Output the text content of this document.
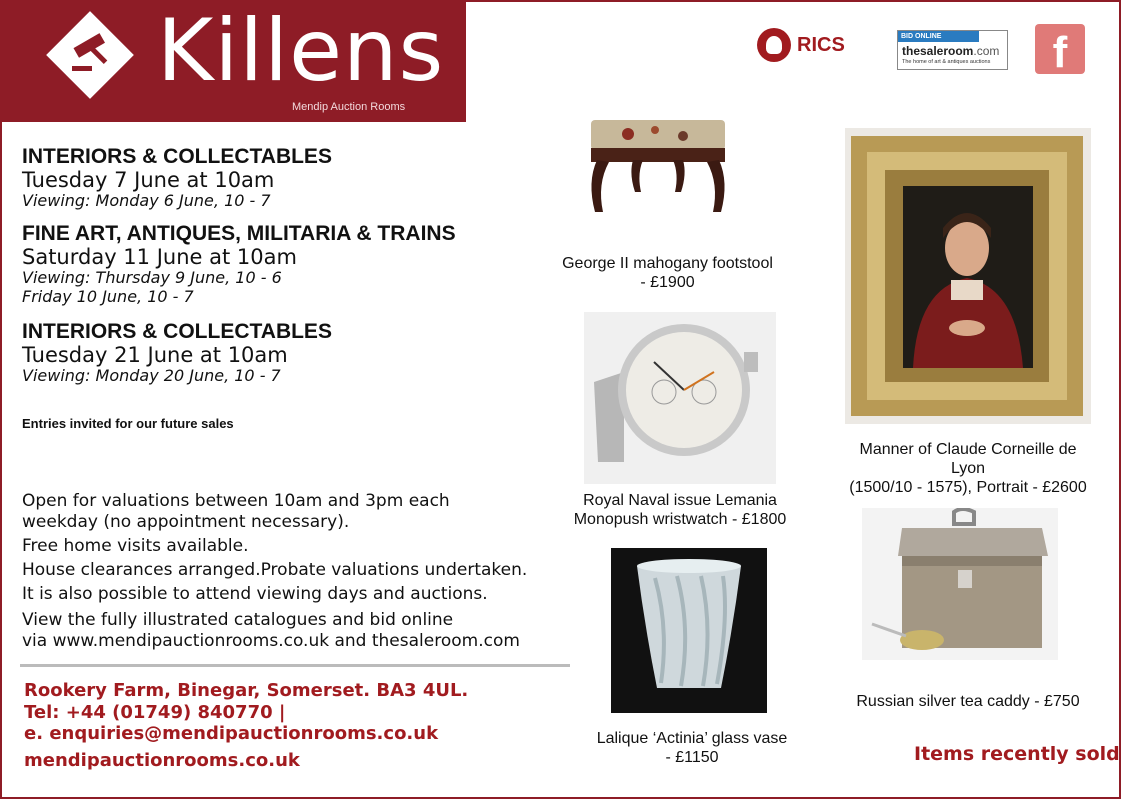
Killens
Mendip Auction Rooms
RICS	BID ONLINE
thesaleroom.com
The home of art & antiques auctions	f
INTERIORS & COLLECTABLES
Tuesday 7 June at 10am
Viewing: Monday 6 June, 10 - 7
FINE ART, ANTIQUES, MILITARIA & TRAINS
Saturday 11 June at 10am
Viewing: Thursday 9 June, 10 - 6
Friday 10 June, 10 - 7
INTERIORS & COLLECTABLES
Tuesday 21 June at 10am
Viewing: Monday 20 June, 10 - 7
Entries invited for our future sales
Open for valuations between 10am and 3pm each
weekday (no appointment necessary).
Free home visits available.
House clearances arranged.Probate valuations undertaken.
It is also possible to attend viewing days and auctions.
View the fully illustrated catalogues and bid online
via www.mendipauctionrooms.co.uk and thesaleroom.com
Rookery Farm, Binegar, Somerset. BA3 4UL.
Tel: +44 (01749) 840770 |
e. enquiries@mendipauctionrooms.co.uk
mendipauctionrooms.co.uk
George II mahogany footstool
- £1900
Manner of Claude Corneille de Lyon
(1500/10 - 1575), Portrait - £2600
Royal Naval issue Lemania
Monopush wristwatch - £1800
Lalique ‘Actinia’ glass vase
- £1150
Russian silver tea caddy - £750
Items recently sold
